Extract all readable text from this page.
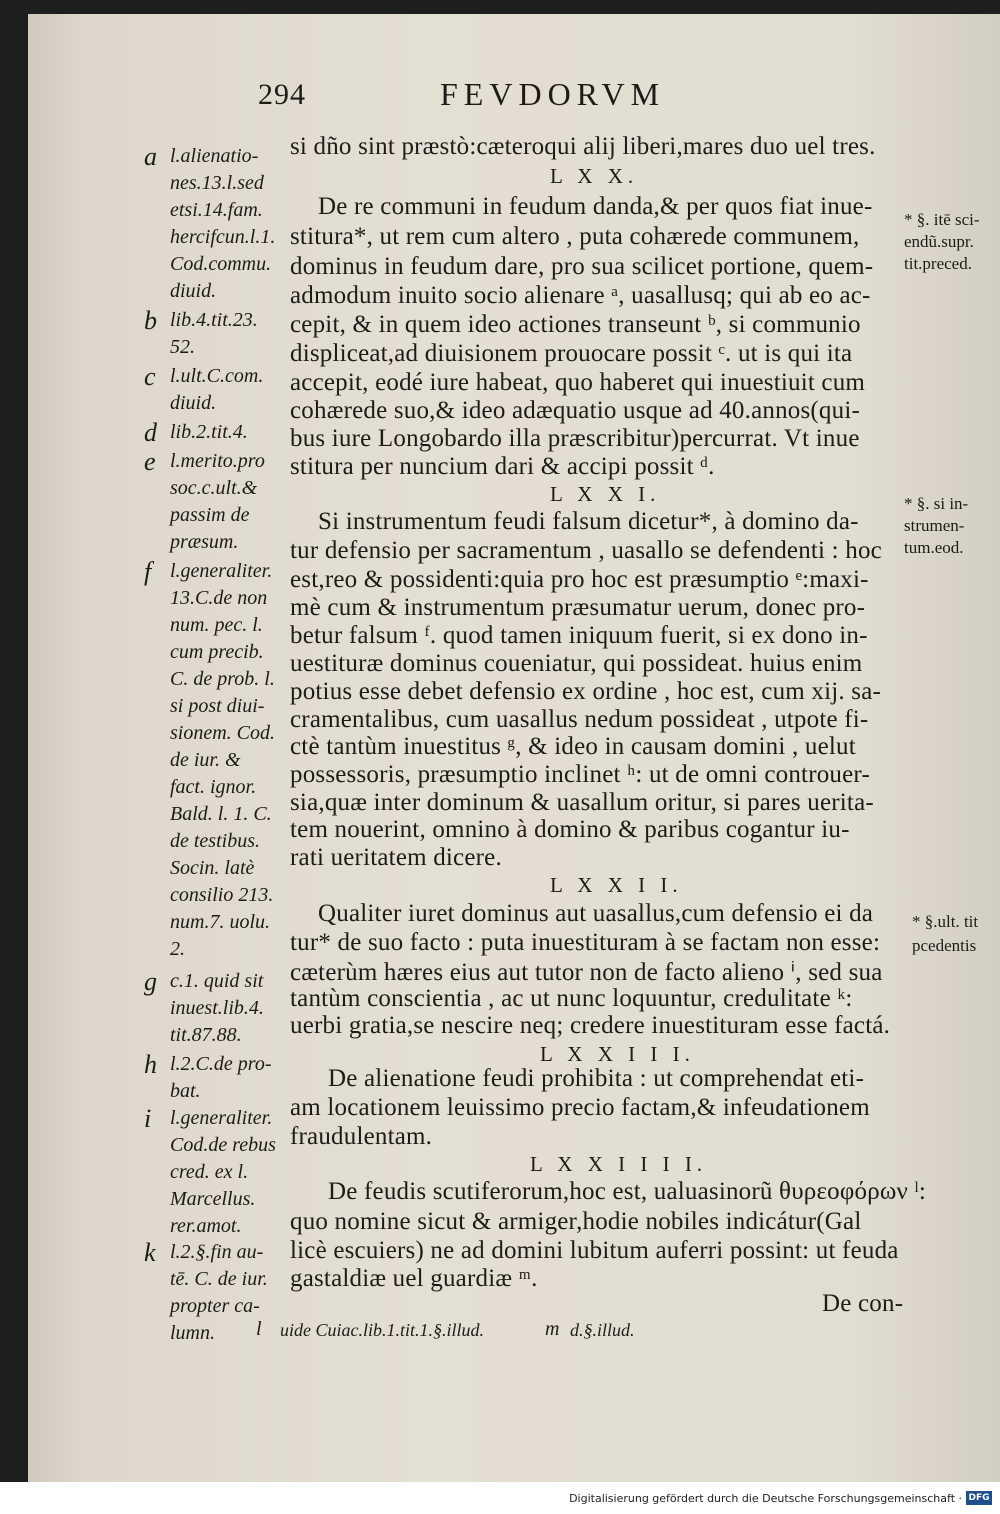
294	FEVDORVM
si dño sint præstò:cæteroqui alij liberi,mares duo uel tres.
L X X.
De re communi in feudum danda,& per quos fiat inue-
stitura*, ut rem cum altero , puta cohærede communem,
dominus in feudum dare, pro sua scilicet portione, quem-
admodum inuito socio alienare ᵃ, uasallusq; qui ab eo ac-
cepit, & in quem ideo actiones transeunt ᵇ, si communio
displiceat,ad diuisionem prouocare possit ᶜ. ut is qui ita
accepit, eodé iure habeat, quo haberet qui inuestiuit cum
cohærede suo,& ideo adæquatio usque ad 40.annos(qui-
bus iure Longobardo illa præscribitur)percurrat. Vt inue
stitura per nuncium dari & accipi possit ᵈ.
L X X I.
Si instrumentum feudi falsum dicetur*, à domino da-
tur defensio per sacramentum , uasallo se defendenti : hoc
est,reo & possidenti:quia pro hoc est præsumptio ᵉ:maxi-
mè cum & instrumentum præsumatur uerum, donec pro-
betur falsum ᶠ. quod tamen iniquum fuerit, si ex dono in-
uestituræ dominus coueniatur, qui possideat. huius enim
potius esse debet defensio ex ordine , hoc est, cum xij. sa-
cramentalibus, cum uasallus nedum possideat , utpote fi-
ctè tantùm inuestitus ᵍ, & ideo in causam domini , uelut
possessoris, præsumptio inclinet ʰ: ut de omni controuer-
sia,quæ inter dominum & uasallum oritur, si pares ueritа-
tem nouerint, omnino à domino & paribus cogantur iu-
rati ueritatem dicere.
L X X I I.
Qualiter iuret dominus aut uasallus,cum defensio ei da
tur* de suo facto : puta inuestituram à se factam non esse:
cæterùm hæres eius aut tutor non de facto alieno ⁱ, sed sua
tantùm conscientia , ac ut nunc loquuntur, credulitate ᵏ:
uerbi gratia,se nescire neq; credere inuestituram esse factá.
L X X I I I.
De alienatione feudi prohibita : ut comprehendat eti-
am locationem leuissimo precio factam,& infeudationem
fraudulentam.
L X X I I I I.
De feudis scutiferorum,hoc est, ualuasinorũ θυρεοφόρων ˡ:
quo nomine sicut & armiger,hodie nobiles indicátur(Gal
licè escuiers) ne ad domini lubitum auferri possint: ut feuda
gastaldiæ uel guardiæ ᵐ.
De con-
a l.alienatio-
nes.13.l.sed
etsi.14.fam.
hercifcun.l.1.
Cod.commu.
diuid.
b lib.4.tit.23.
52.
c l.ult.C.com.
diuid.
d lib.2.tit.4.
e l.merito.pro
soc.c.ult.&
passim de
præsum.
f l.generaliter.
13.C.de non
num. pec. l.
cum precib.
C. de prob. l.
si post diui-
sionem. Cod.
de iur. &
fact. ignor.
Bald. l. 1. C.
de testibus.
Socin. latè
consilio 213.
num.7. uolu.
2.
g c.1. quid sit
inuest.lib.4.
tit.87.88.
h l.2.C.de pro-
bat.
i l.generaliter.
Cod.de rebus
cred. ex l.
Marcellus.
rer.amot.
k l.2.§.fin au-
tē. C. de iur.
propter ca-
lumn. l uide Cuiac.lib.1.tit.1.§.illud.	m d.§.illud.
* §. itē sci-
endũ.supr.
tit.preced.
* §. si in-
strumen-
tum.eod.
* §.ult. tit
pcedentis
Digitalisierung gefördert durch die Deutsche Forschungsgemeinschaft · DFG
